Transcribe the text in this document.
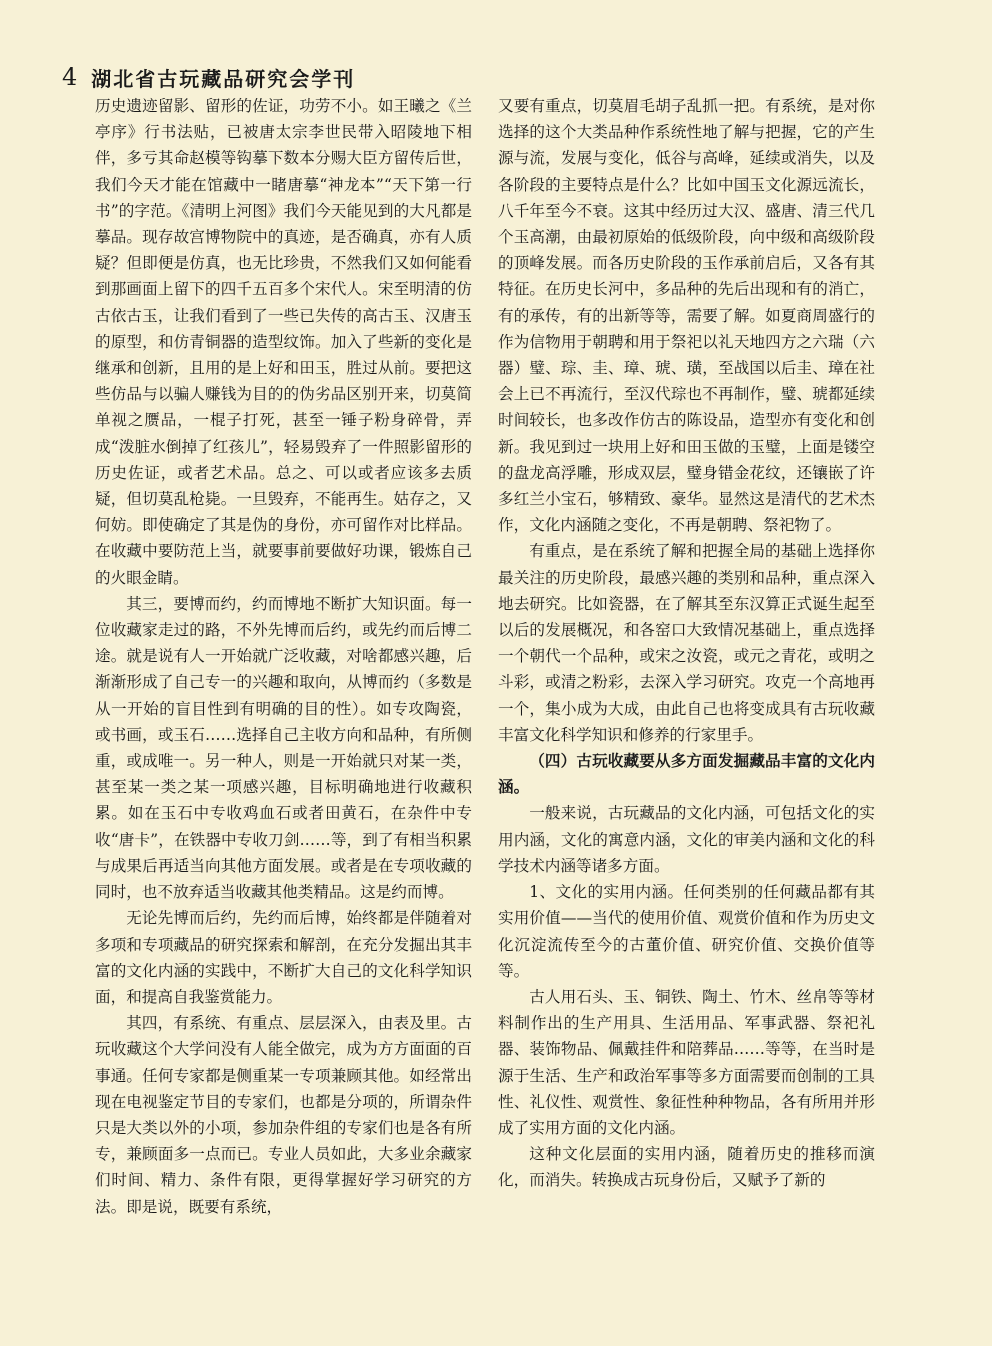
4 湖北省古玩藏品研究会学刊

历史遗迹留影、留形的佐证，功劳不小。如王曦之《兰亭序》行书法贴，已被唐太宗李世民带入昭陵地下相伴，多亏其命赵模等钩摹下数本分赐大臣方留传后世，我们今天才能在馆藏中一睹唐摹“神龙本”“天下第一行书”的字范。《清明上河图》我们今天能见到的大凡都是摹品。现存故宫博物院中的真迹，是否确真，亦有人质疑？但即便是仿真，也无比珍贵，不然我们又如何能看到那画面上留下的四千五百多个宋代人。宋至明清的仿古依古玉，让我们看到了一些已失传的高古玉、汉唐玉的原型，和仿青铜器的造型纹饰。加入了些新的变化是继承和创新，且用的是上好和田玉，胜过从前。要把这些仿品与以骗人赚钱为目的的伪劣品区别开来，切莫简单视之赝品，一棍子打死，甚至一锤子粉身碎骨，弄成“泼脏水倒掉了红孩儿”，轻易毁弃了一件照影留形的历史佐证，或者艺术品。总之、可以或者应该多去质疑，但切莫乱枪毙。一旦毁弃，不能再生。姑存之，又何妨。即使确定了其是伪的身份，亦可留作对比样品。在收藏中要防范上当，就要事前要做好功课，锻炼自己的火眼金睛。

其三，要博而约，约而博地不断扩大知识面。每一位收藏家走过的路，不外先博而后约，或先约而后博二途。就是说有人一开始就广泛收藏，对啥都感兴趣，后渐渐形成了自己专一的兴趣和取向，从博而约（多数是从一开始的盲目性到有明确的目的性）。如专攻陶瓷，或书画，或玉石……选择自己主收方向和品种，有所侧重，或成唯一。另一种人，则是一开始就只对某一类，甚至某一类之某一项感兴趣，目标明确地进行收藏积累。如在玉石中专收鸡血石或者田黄石，在杂件中专收“唐卡”，在铁器中专收刀剑……等，到了有相当积累与成果后再适当向其他方面发展。或者是在专项收藏的同时，也不放弃适当收藏其他类精品。这是约而博。

无论先博而后约，先约而后博，始终都是伴随着对多项和专项藏品的研究探索和解剖，在充分发掘出其丰富的文化内涵的实践中，不断扩大自己的文化科学知识面，和提高自我鉴赏能力。

其四，有系统、有重点、层层深入，由表及里。古玩收藏这个大学问没有人能全做完，成为方方面面的百事通。任何专家都是侧重某一专项兼顾其他。如经常出现在电视鉴定节目的专家们，也都是分项的，所谓杂件只是大类以外的小项，参加杂件组的专家们也是各有所专，兼顾面多一点而已。专业人员如此，大多业余藏家们时间、精力、条件有限，更得掌握好学习研究的方法。即是说，既要有系统，

又要有重点，切莫眉毛胡子乱抓一把。有系统，是对你选择的这个大类品种作系统性地了解与把握，它的产生源与流，发展与变化，低谷与高峰，延续或消失，以及各阶段的主要特点是什么？比如中国玉文化源远流长，八千年至今不衰。这其中经历过大汉、盛唐、清三代几个玉高潮，由最初原始的低级阶段，向中级和高级阶段的顶峰发展。而各历史阶段的玉作承前启后，又各有其特征。在历史长河中，多品种的先后出现和有的消亡，有的承传，有的出新等等，需要了解。如夏商周盛行的作为信物用于朝聘和用于祭祀以礼天地四方之六瑞（六器）璧、琮、圭、璋、琥、璜，至战国以后圭、璋在社会上已不再流行，至汉代琮也不再制作，璧、琥都延续时间较长，也多改作仿古的陈设品，造型亦有变化和创新。我见到过一块用上好和田玉做的玉璧，上面是镂空的盘龙高浮雕，形成双层，璧身错金花纹，还镶嵌了许多红兰小宝石，够精致、豪华。显然这是清代的艺术杰作，文化内涵随之变化，不再是朝聘、祭祀物了。

有重点，是在系统了解和把握全局的基础上选择你最关注的历史阶段，最感兴趣的类别和品种，重点深入地去研究。比如瓷器，在了解其至东汉算正式诞生起至以后的发展概况，和各窑口大致情况基础上，重点选择一个朝代一个品种，或宋之汝瓷，或元之青花，或明之斗彩，或清之粉彩，去深入学习研究。攻克一个高地再一个，集小成为大成，由此自己也将变成具有古玩收藏丰富文化科学知识和修养的行家里手。

（四）古玩收藏要从多方面发掘藏品丰富的文化内涵。

一般来说，古玩藏品的文化内涵，可包括文化的实用内涵，文化的寓意内涵，文化的审美内涵和文化的科学技术内涵等诸多方面。

1、文化的实用内涵。任何类别的任何藏品都有其实用价值——当代的使用价值、观赏价值和作为历史文化沉淀流传至今的古董价值、研究价值、交换价值等等。

古人用石头、玉、铜铁、陶土、竹木、丝帛等等材料制作出的生产用具、生活用品、军事武器、祭祀礼器、装饰物品、佩戴挂件和陪葬品……等等，在当时是源于生活、生产和政治军事等多方面需要而创制的工具性、礼仪性、观赏性、象征性种种物品，各有所用并形成了实用方面的文化内涵。

这种文化层面的实用内涵，随着历史的推移而演化，而消失。转换成古玩身份后，又赋予了新的
